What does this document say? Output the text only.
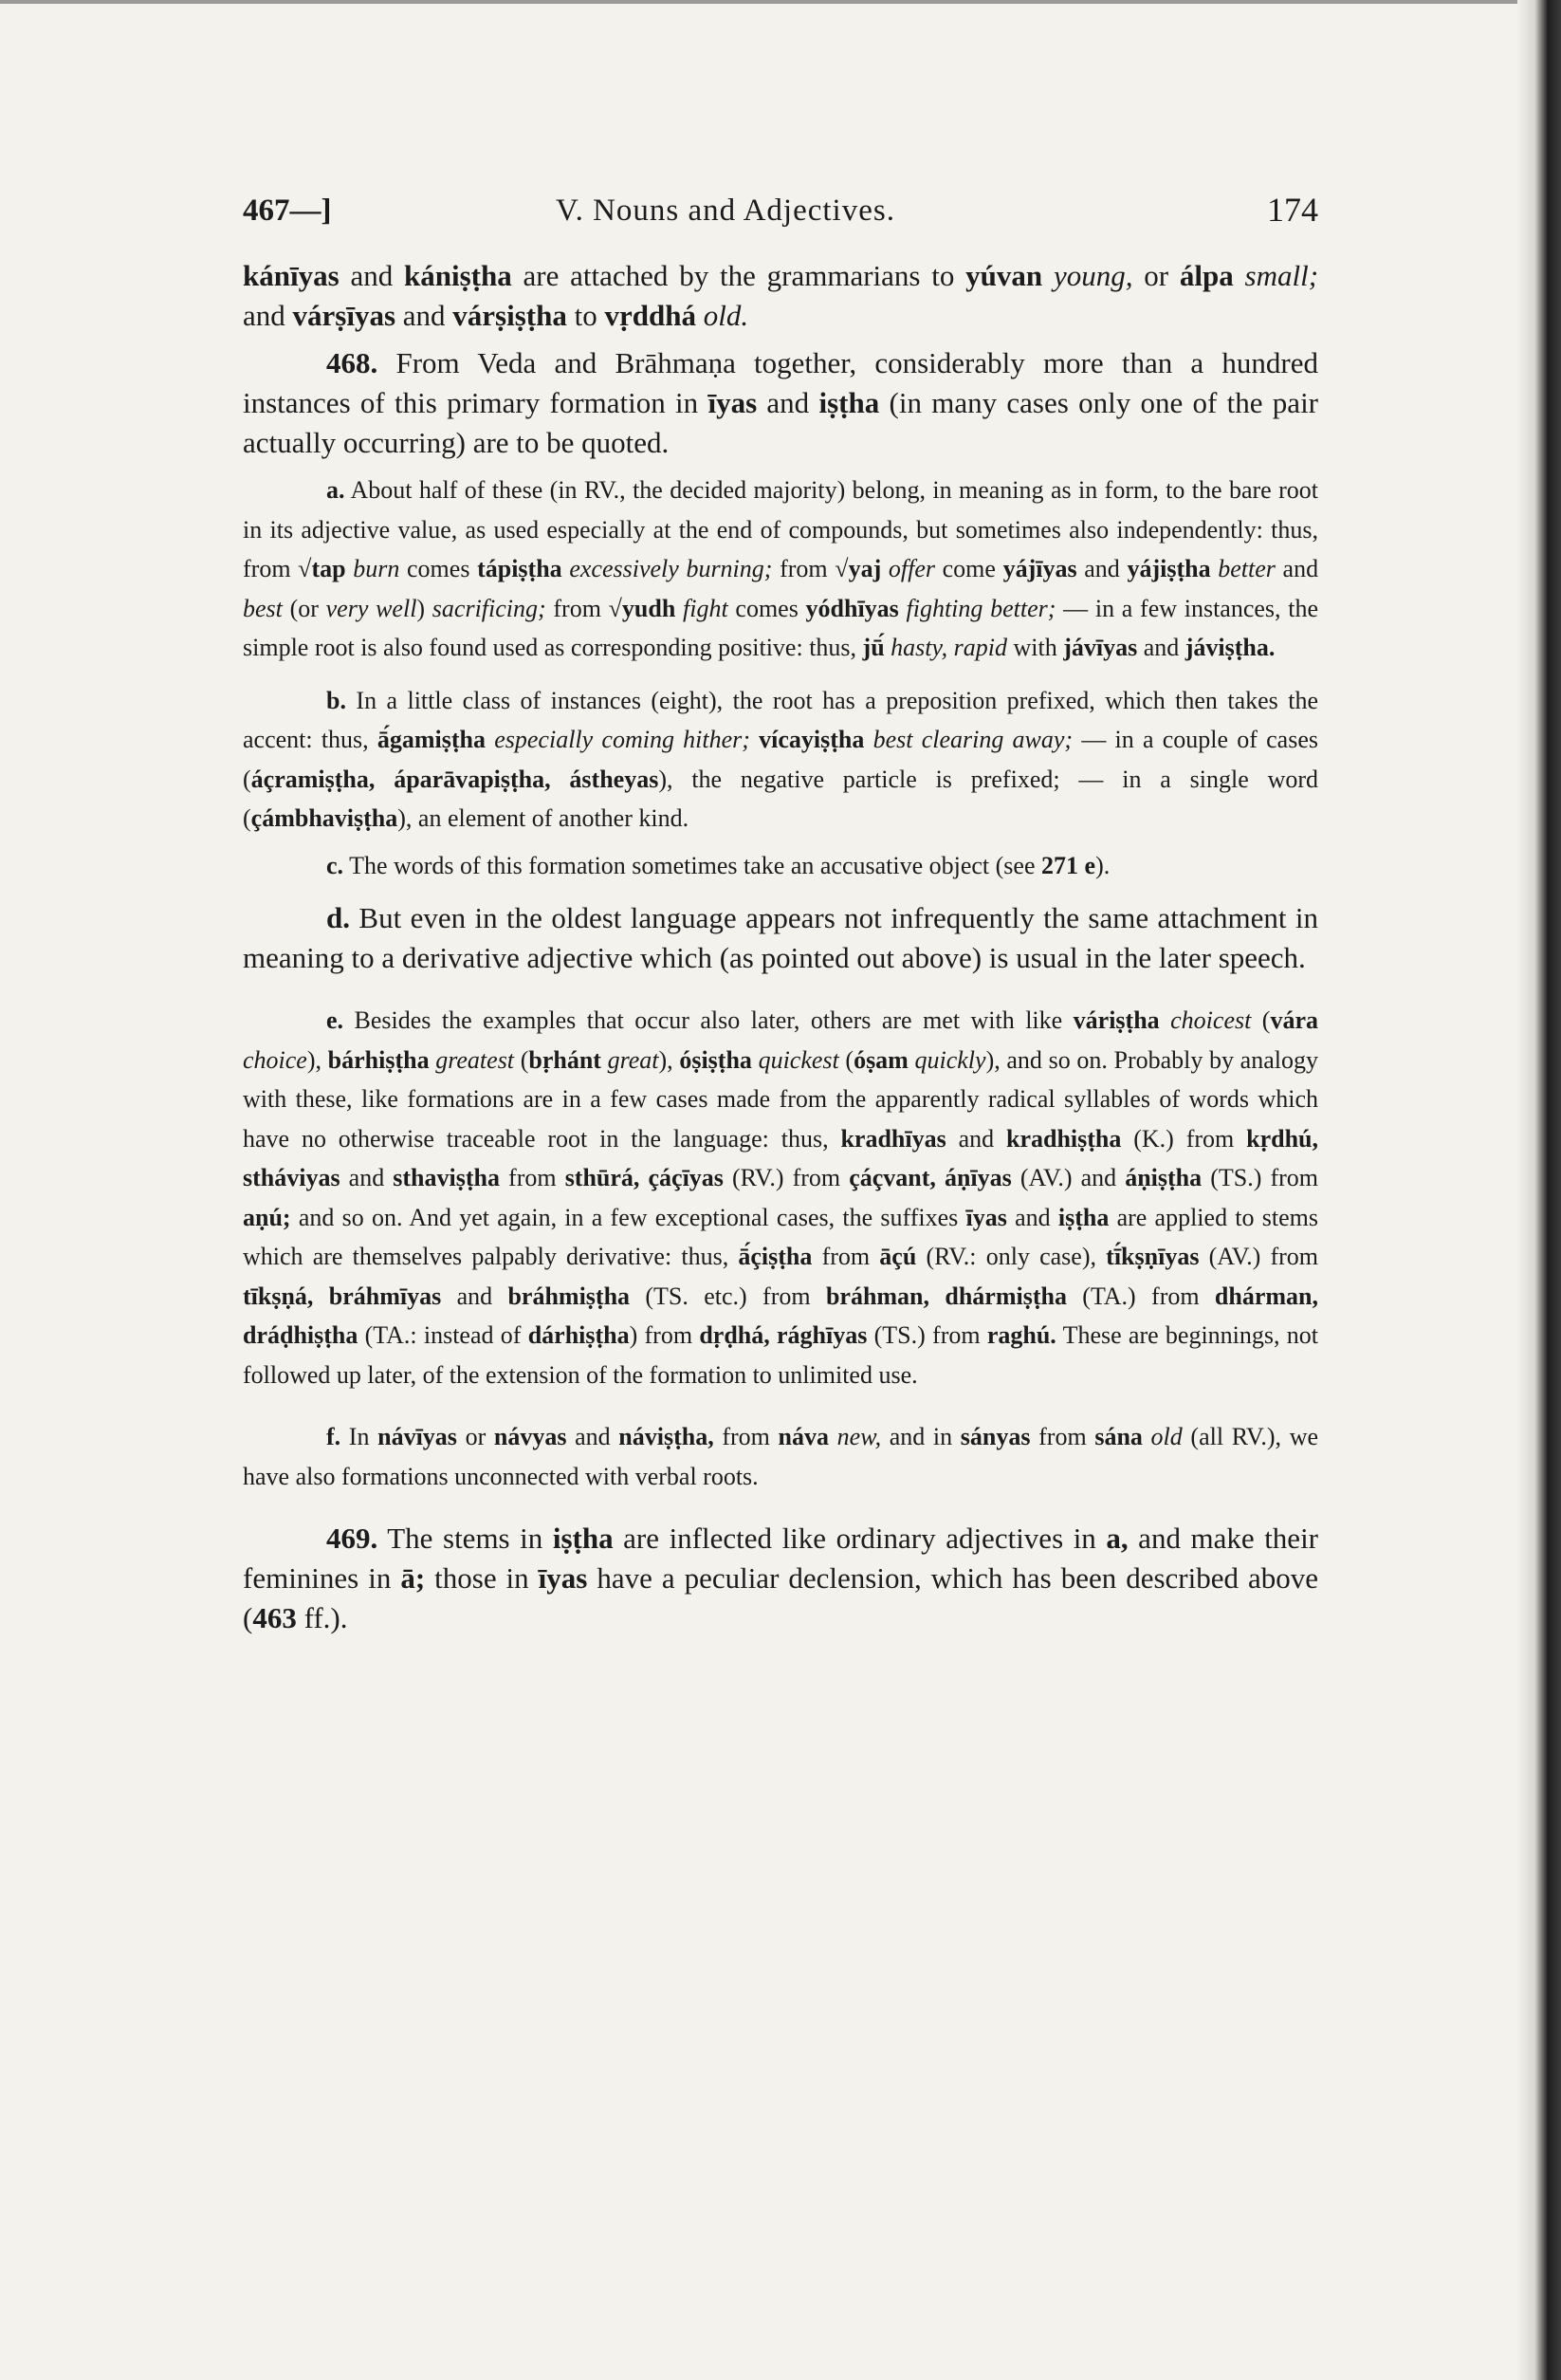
467—]	V. Nouns and Adjectives.	174

kánīyas and kániṣṭha are attached by the grammarians to yúvan young, or álpa small; and várṣīyas and várṣiṣṭha to vṛddhá old.

468. From Veda and Brāhmaṇa together, considerably more than a hundred instances of this primary formation in īyas and iṣṭha (in many cases only one of the pair actually occurring) are to be quoted.

a. About half of these (in RV., the decided majority) belong, in meaning as in form, to the bare root in its adjective value, as used especially at the end of compounds, but sometimes also independently: thus, from √tap burn comes tápiṣṭha excessively burning; from √yaj offer come yájīyas and yájiṣṭha better and best (or very well) sacrificing; from √yudh fight comes yódhīyas fighting better; — in a few instances, the simple root is also found used as corresponding positive: thus, jū́ hasty, rapid with jávīyas and jáviṣṭha.

b. In a little class of instances (eight), the root has a preposition prefixed, which then takes the accent: thus, ā́gamiṣṭha especially coming hither; vícayiṣṭha best clearing away; — in a couple of cases (áçramiṣṭha, áparāvapiṣṭha, ástheyas), the negative particle is prefixed; — in a single word (çámbhaviṣṭha), an element of another kind.

c. The words of this formation sometimes take an accusative object (see 271 e).

d. But even in the oldest language appears not infrequently the same attachment in meaning to a derivative adjective which (as pointed out above) is usual in the later speech.

e. Besides the examples that occur also later, others are met with like váriṣṭha choicest (vára choice), bárhiṣṭha greatest (bṛhánt great), óṣiṣṭha quickest (óṣam quickly), and so on. Probably by analogy with these, like formations are in a few cases made from the apparently radical syllables of words which have no otherwise traceable root in the language: thus, kradhīyas and kradhiṣṭha (K.) from kṛdhú, stháviyas and sthaviṣṭha from sthūrá, çáçīyas (RV.) from çáçvant, áṇīyas (AV.) and áṇiṣṭha (TS.) from aṇú; and so on. And yet again, in a few exceptional cases, the suffixes īyas and iṣṭha are applied to stems which are themselves palpably derivative: thus, ā́çiṣṭha from āçú (RV.: only case), tī́kṣṇīyas (AV.) from tīkṣṇá, bráhmīyas and bráhmiṣṭha (TS. etc.) from bráhman, dhármiṣṭha (TA.) from dhárman, dráḍhiṣṭha (TA.: instead of dárhiṣṭha) from dṛḍhá, rághīyas (TS.) from raghú. These are beginnings, not followed up later, of the extension of the formation to unlimited use.

f. In návīyas or návyas and náviṣṭha, from náva new, and in sányas from sána old (all RV.), we have also formations unconnected with verbal roots.

469. The stems in iṣṭha are inflected like ordinary adjectives in a, and make their feminines in ā; those in īyas have a peculiar declension, which has been described above (463 ff.).
